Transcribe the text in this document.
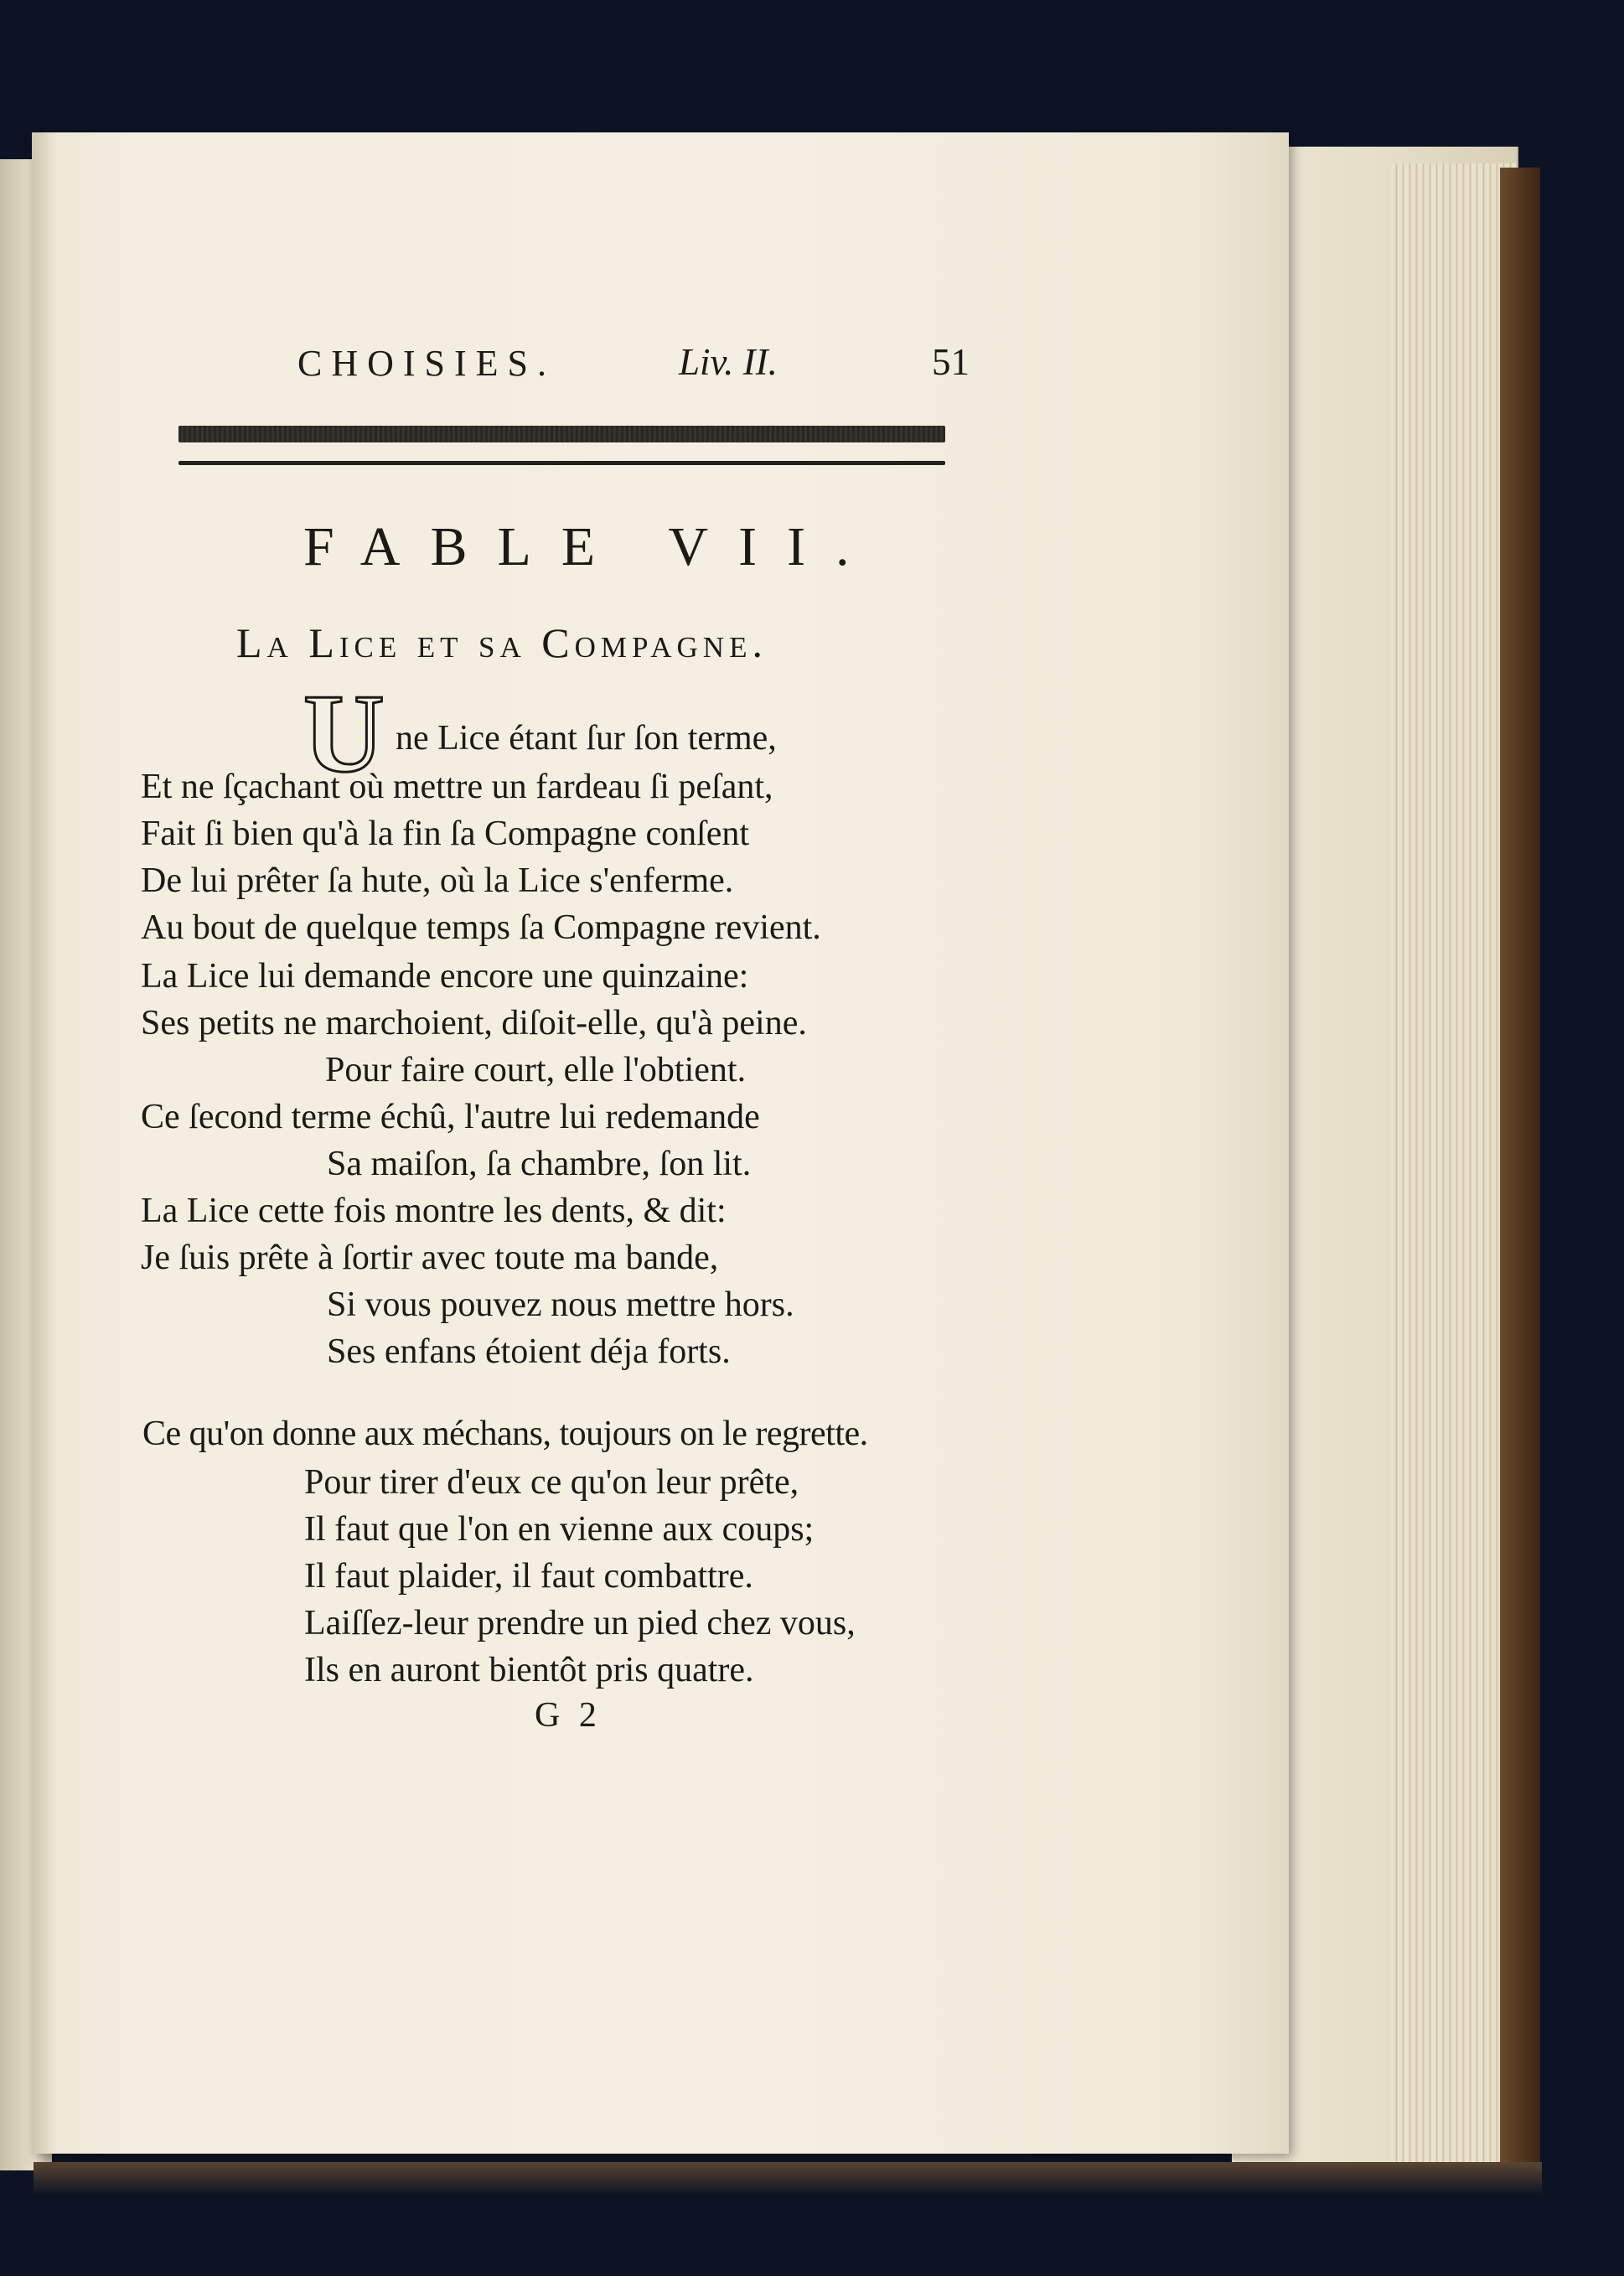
CHOISIES.	Liv. II.	51
FABLE VII.
La Lice et sa Compagne.
U ne Lice étant ſur ſon terme,
Et ne ſçachant où mettre un fardeau ſi peſant,
Fait ſi bien qu'à la fin ſa Compagne conſent
De lui prêter ſa hute, où la Lice s'enferme.
Au bout de quelque temps ſa Compagne revient.
La Lice lui demande encore une quinzaine:
Ses petits ne marchoient, diſoit-elle, qu'à peine.
Pour faire court, elle l'obtient.
Ce ſecond terme échû, l'autre lui redemande
Sa maiſon, ſa chambre, ſon lit.
La Lice cette fois montre les dents, & dit:
Je ſuis prête à ſortir avec toute ma bande,
Si vous pouvez nous mettre hors.
Ses enfans étoient déja forts.
Ce qu'on donne aux méchans, toujours on le regrette.
Pour tirer d'eux ce qu'on leur prête,
Il faut que l'on en vienne aux coups;
Il faut plaider, il faut combattre.
Laiſſez-leur prendre un pied chez vous,
Ils en auront bientôt pris quatre.
G 2
